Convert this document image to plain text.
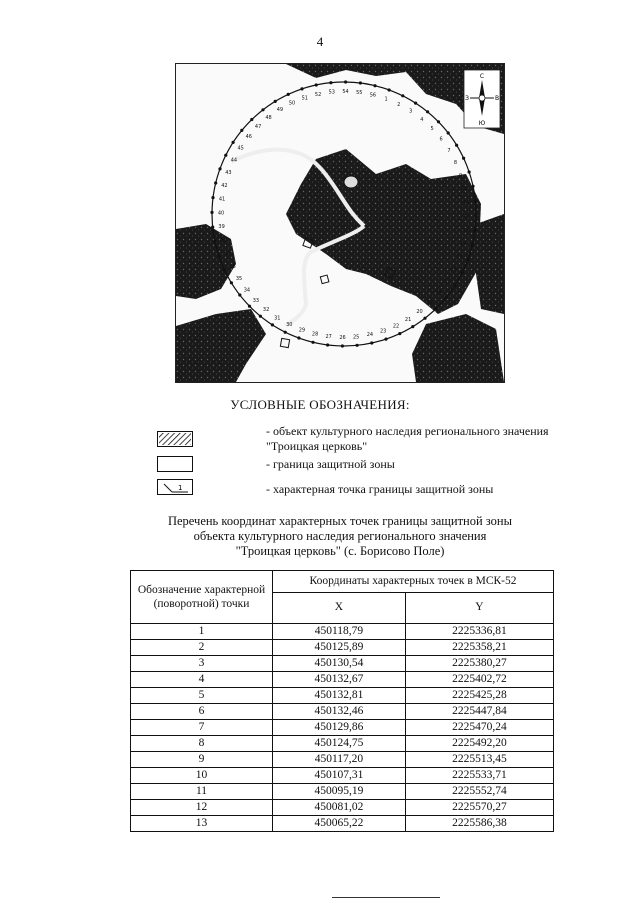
4
1
2
3
4
5
6
7
8
9
10
11
12
13
14
15
16
17
18
19
20
21
22
23
24
25
26
27
28
29
30
31
32
33
34
35
36
37
38
39
40
41
42
43
44
45
46
47
48
49
50
51
52 53 54 55 56
С
Ю
З	В
УСЛОВНЫЕ ОБОЗНАЧЕНИЯ:
- объект культурного наследия регионального значения "Троицкая церковь"
- граница защитной зоны
1	- характерная точка границы защитной зоны
Перечень координат характерных точек границы защитной зоны
объекта культурного наследия регионального значения
"Троицкая церковь" (с. Борисово Поле)
Обозначение характерной (поворотной) точки	Координаты характерных точек в МСК-52	
	X	Y
1	450118,79	2225336,81
2	450125,89	2225358,21
3	450130,54	2225380,27
4	450132,67	2225402,72
5	450132,81	2225425,28
6	450132,46	2225447,84
7	450129,86	2225470,24
8	450124,75	2225492,20
9	450117,20	2225513,45
10	450107,31	2225533,71
11	450095,19	2225552,74
12	450081,02	2225570,27
13	450065,22	2225586,38
